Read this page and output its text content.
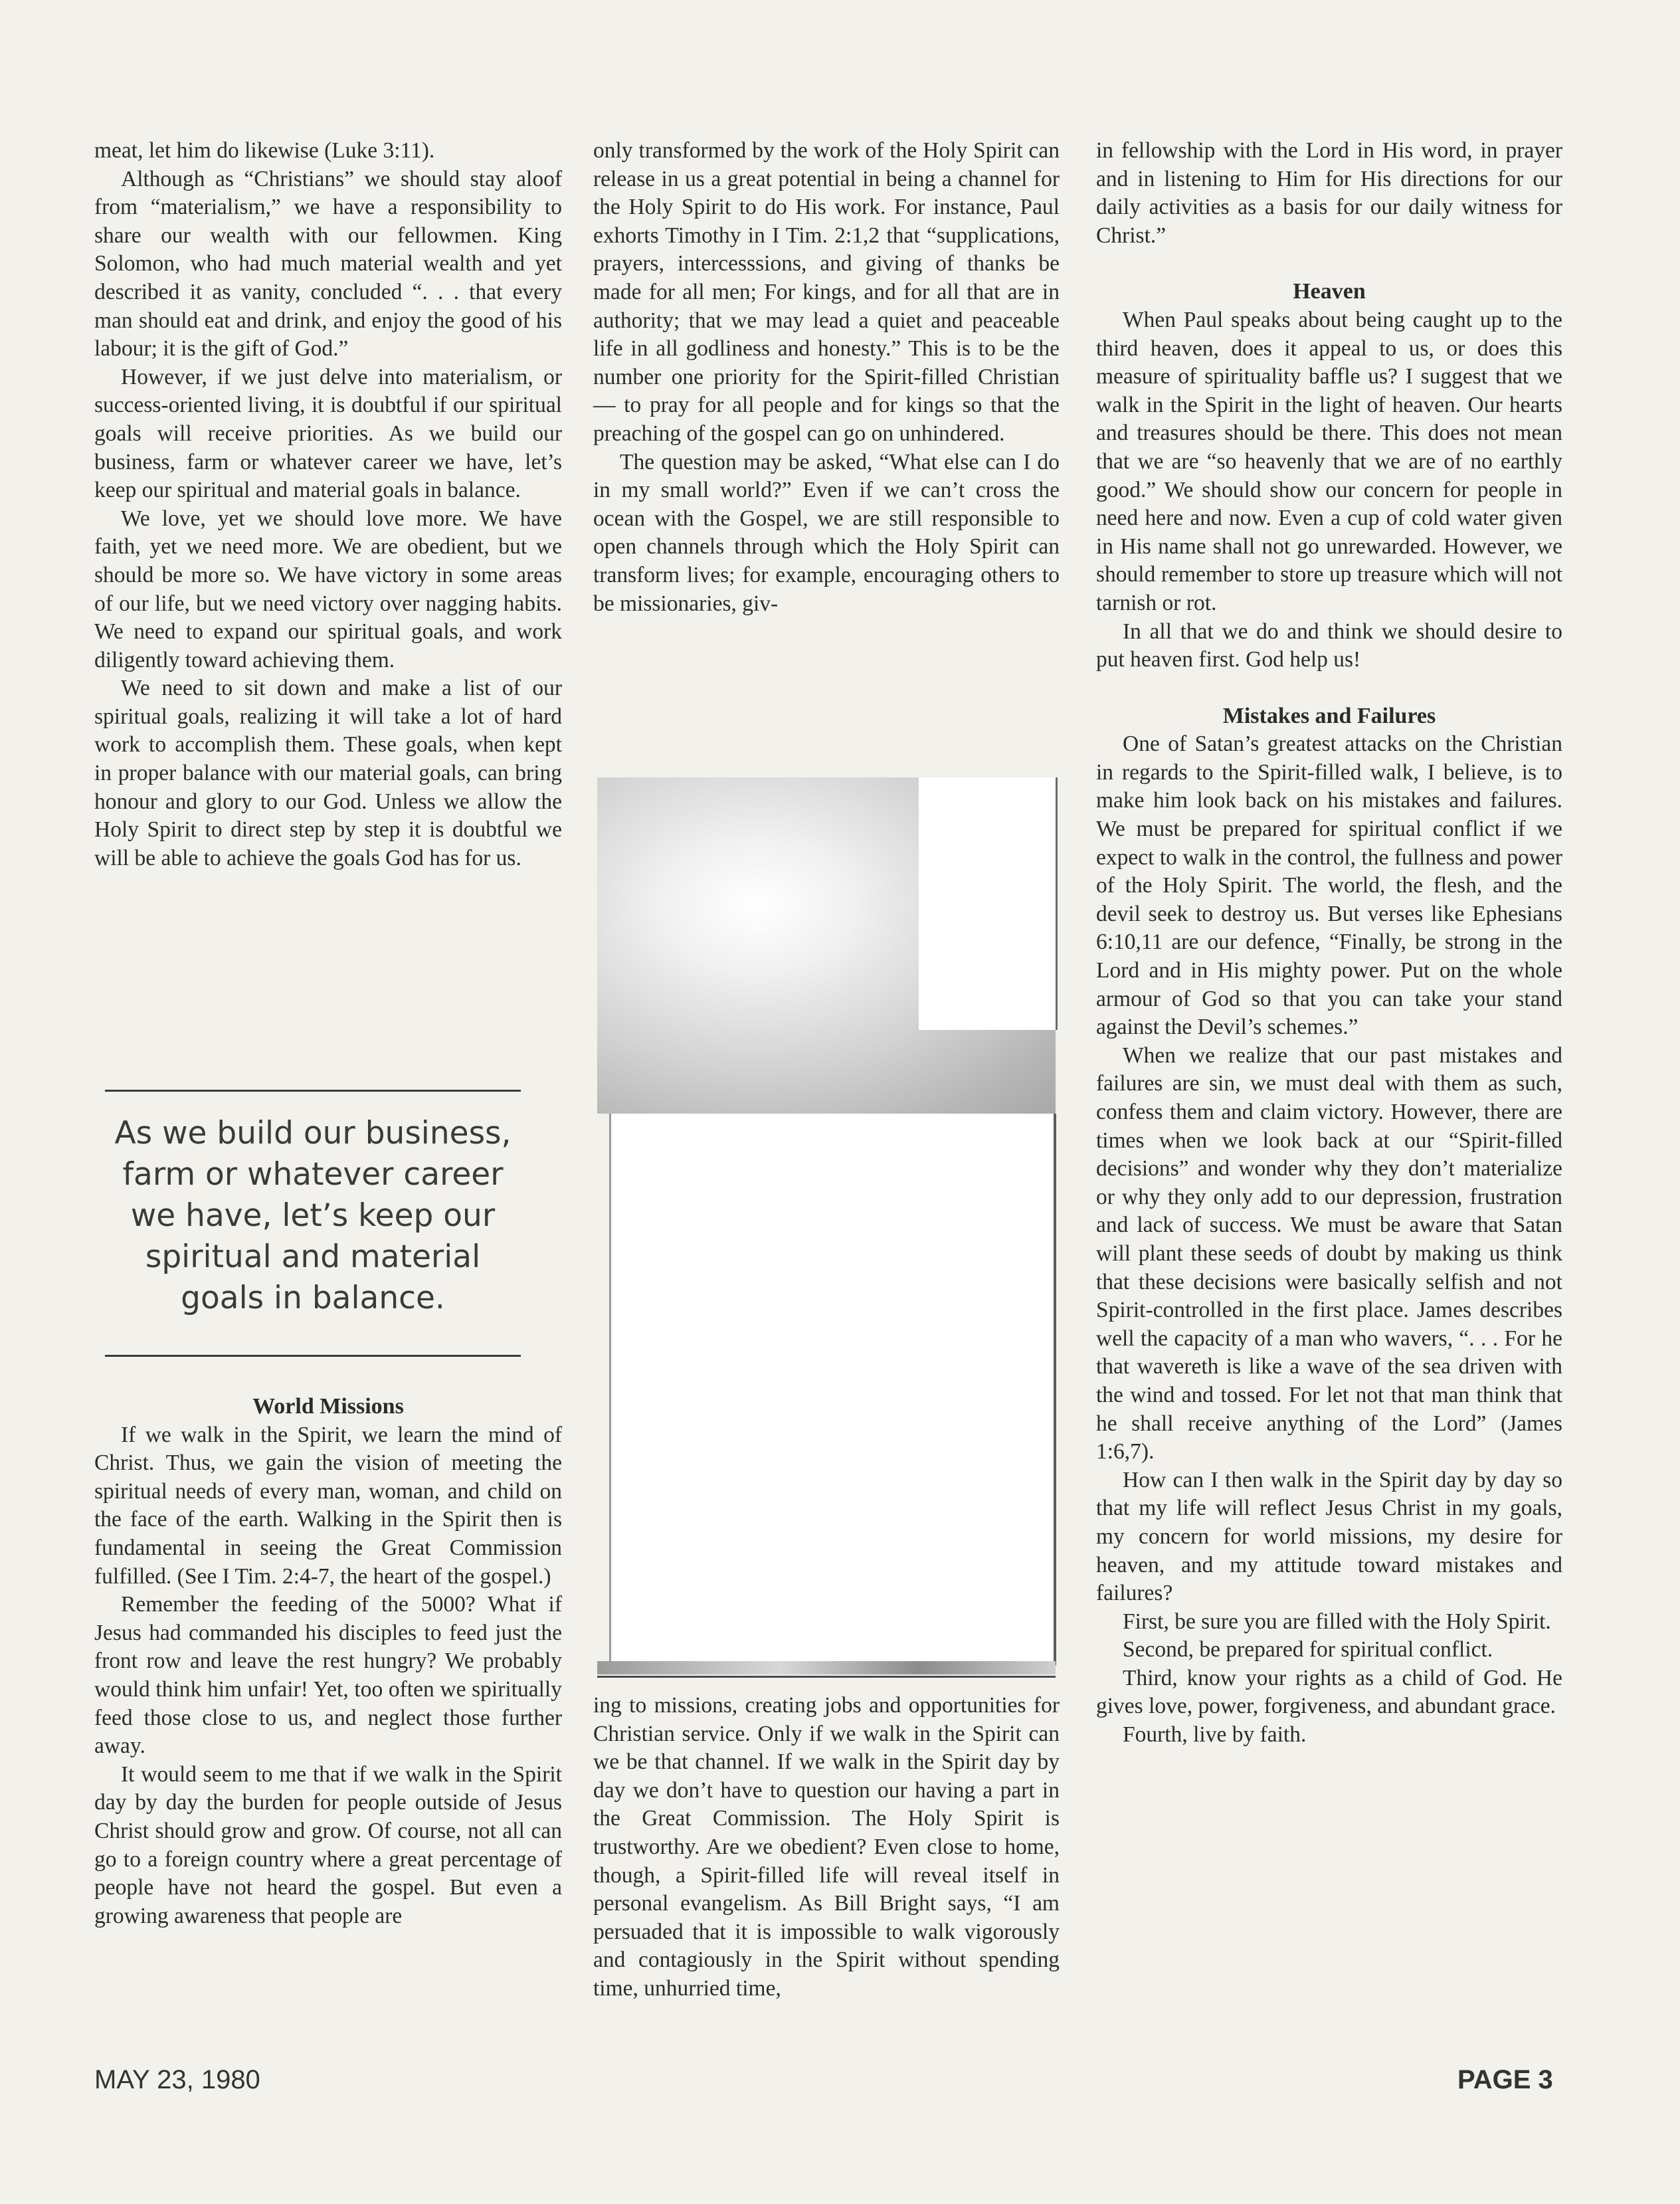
meat, let him do likewise (Luke 3:11).

Although as “Christians” we should stay aloof from “materialism,” we have a responsibility to share our wealth with our fellowmen. King Solomon, who had much material wealth and yet described it as vanity, concluded “. . . that every man should eat and drink, and enjoy the good of his labour; it is the gift of God.”

However, if we just delve into materialism, or success-oriented living, it is doubtful if our spiritual goals will receive priorities. As we build our business, farm or whatever career we have, let’s keep our spiritual and material goals in balance.

We love, yet we should love more. We have faith, yet we need more. We are obedient, but we should be more so. We have victory in some areas of our life, but we need victory over nagging habits. We need to expand our spiritual goals, and work diligently toward achieving them.

We need to sit down and make a list of our spiritual goals, realizing it will take a lot of hard work to accomplish them. These goals, when kept in proper balance with our material goals, can bring honour and glory to our God. Unless we allow the Holy Spirit to direct step by step it is doubtful we will be able to achieve the goals God has for us.

As we build our business, farm or whatever career we have, let’s keep our spiritual and material goals in balance.
World Missions

If we walk in the Spirit, we learn the mind of Christ. Thus, we gain the vision of meeting the spiritual needs of every man, woman, and child on the face of the earth. Walking in the Spirit then is fundamental in seeing the Great Commission fulfilled. (See I Tim. 2:4-7, the heart of the gospel.)

Remember the feeding of the 5000? What if Jesus had commanded his disciples to feed just the front row and leave the rest hungry? We probably would think him unfair! Yet, too often we spiritually feed those close to us, and neglect those further away.

It would seem to me that if we walk in the Spirit day by day the burden for people outside of Jesus Christ should grow and grow. Of course, not all can go to a foreign country where a great percentage of people have not heard the gospel. But even a growing awareness that people are

only transformed by the work of the Holy Spirit can release in us a great potential in being a channel for the Holy Spirit to do His work. For instance, Paul exhorts Timothy in I Tim. 2:1,2 that “supplications, prayers, intercesssions, and giving of thanks be made for all men; For kings, and for all that are in authority; that we may lead a quiet and peaceable life in all godliness and honesty.” This is to be the number one priority for the Spirit-filled Christian — to pray for all people and for kings so that the preaching of the gospel can go on unhindered.

The question may be asked, “What else can I do in my small world?” Even if we can’t cross the ocean with the Gospel, we are still responsible to open channels through which the Holy Spirit can transform lives; for example, encouraging others to be missionaries, giv-

ing to missions, creating jobs and opportunities for Christian service. Only if we walk in the Spirit can we be that channel. If we walk in the Spirit day by day we don’t have to question our having a part in the Great Commission. The Holy Spirit is trustworthy. Are we obedient? Even close to home, though, a Spirit-filled life will reveal itself in personal evangelism. As Bill Bright says, “I am persuaded that it is impossible to walk vigorously and contagiously in the Spirit without spending time, unhurried time,

in fellowship with the Lord in His word, in prayer and in listening to Him for His directions for our daily activities as a basis for our daily witness for Christ.”

Heaven

When Paul speaks about being caught up to the third heaven, does it appeal to us, or does this measure of spirituality baffle us? I suggest that we walk in the Spirit in the light of heaven. Our hearts and treasures should be there. This does not mean that we are “so heavenly that we are of no earthly good.” We should show our concern for people in need here and now. Even a cup of cold water given in His name shall not go unrewarded. However, we should remember to store up treasure which will not tarnish or rot.

In all that we do and think we should desire to put heaven first. God help us!

Mistakes and Failures

One of Satan’s greatest attacks on the Christian in regards to the Spirit-filled walk, I believe, is to make him look back on his mistakes and failures. We must be prepared for spiritual conflict if we expect to walk in the control, the fullness and power of the Holy Spirit. The world, the flesh, and the devil seek to destroy us. But verses like Ephesians 6:10,11 are our defence, “Finally, be strong in the Lord and in His mighty power. Put on the whole armour of God so that you can take your stand against the Devil’s schemes.”

When we realize that our past mistakes and failures are sin, we must deal with them as such, confess them and claim victory. However, there are times when we look back at our “Spirit-filled decisions” and wonder why they don’t materialize or why they only add to our depression, frustration and lack of success. We must be aware that Satan will plant these seeds of doubt by making us think that these decisions were basically selfish and not Spirit-controlled in the first place. James describes well the capacity of a man who wavers, “. . . For he that wavereth is like a wave of the sea driven with the wind and tossed. For let not that man think that he shall receive anything of the Lord” (James 1:6,7).

How can I then walk in the Spirit day by day so that my life will reflect Jesus Christ in my goals, my concern for world missions, my desire for heaven, and my attitude toward mistakes and failures?

First, be sure you are filled with the Holy Spirit.

Second, be prepared for spiritual conflict.

Third, know your rights as a child of God. He gives love, power, forgiveness, and abundant grace.

Fourth, live by faith.

MAY 23, 1980	PAGE 3
